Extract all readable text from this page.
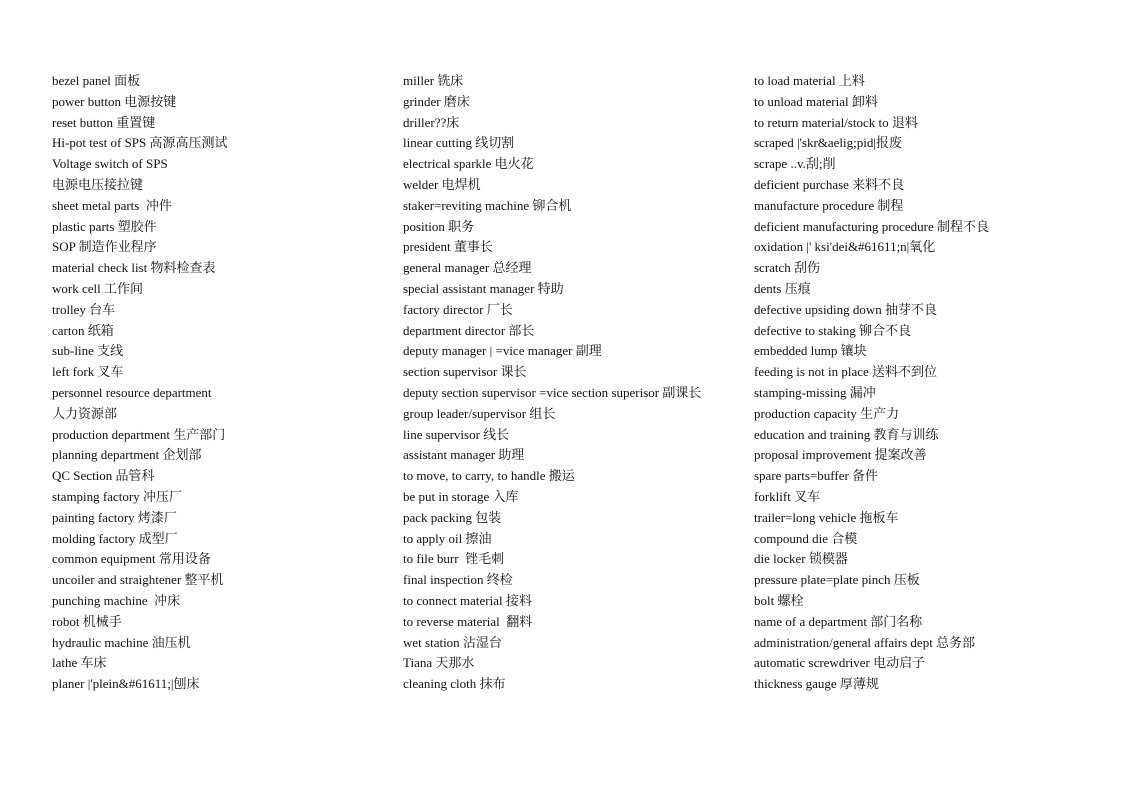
bezel panel 面板
power button 电源按键
reset button 重置键
Hi-pot test of SPS 高源高压测试
Voltage switch of SPS
电源电压接拉键
sheet metal parts  冲件
plastic parts 塑胶件
SOP 制造作业程序
material check list 物料检查表
work cell 工作间
trolley 台车
carton 纸箱
sub-line 支线
left fork 叉车
personnel resource department
人力资源部
production department 生产部门
planning department 企划部
QC Section 品管科
stamping factory 冲压厂
painting factory 烤漆厂
molding factory 成型厂
common equipment 常用设备
uncoiler and straightener 整平机
punching machine  冲床
robot 机械手
hydraulic machine 油压机
lathe 车床
planer |'plein&#61611;|刨床
miller 铣床
grinder 磨床
driller??床
linear cutting 线切割
electrical sparkle 电火花
welder 电焊机
staker=reviting machine 铆合机
position 职务
president 董事长
general manager 总经理
special assistant manager 特助
factory director 厂长
department director 部长
deputy manager | =vice manager 副理
section supervisor 课长
deputy section supervisor =vice section superisor 副课长
group leader/supervisor 组长
line supervisor 线长
assistant manager 助理
to move, to carry, to handle 搬运
be put in storage 入库
pack packing 包装
to apply oil 擦油
to file burr  锉毛刺
final inspection 终检
to connect material 接料
to reverse material  翻料
wet station 沾湿台
Tiana 天那水
cleaning cloth 抹布
to load material 上料
to unload material 卸料
to return material/stock to 退料
scraped |'skr&aelig;pid|报废
scrape ..v.刮;削
deficient purchase 来料不良
manufacture procedure 制程
deficient manufacturing procedure 制程不良
oxidation |' ksi'dei&#61611;n|氧化
scratch 刮伤
dents 压痕
defective upsiding down 抽芽不良
defective to staking 铆合不良
embedded lump 镶块
feeding is not in place 送料不到位
stamping-missing 漏冲
production capacity 生产力
education and training 教育与训练
proposal improvement 提案改善
spare parts=buffer 备件
forklift 叉车
trailer=long vehicle 拖板车
compound die 合模
die locker 锁模器
pressure plate=plate pinch 压板
bolt 螺栓
name of a department 部门名称
administration/general affairs dept 总务部
automatic screwdriver 电动启子
thickness gauge 厚薄规
